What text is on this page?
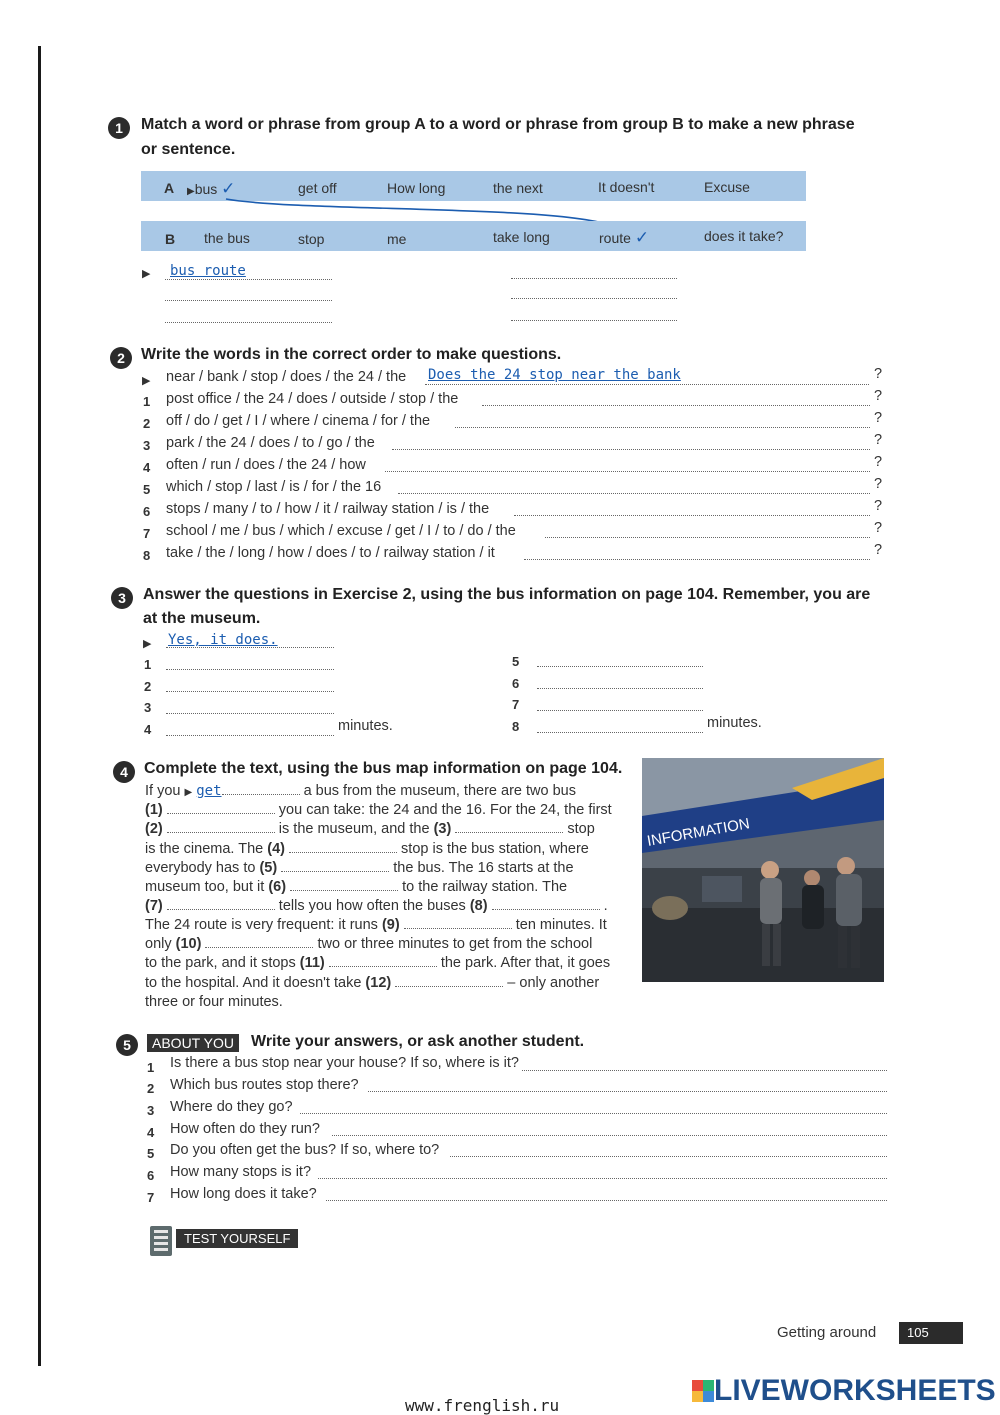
1	Match a word or phrase from group A to a word or phrase from group B to make a new phrase
or sentence.
A ▶bus ✓	get off	How long	the next	It doesn't	Excuse
B the bus	stop	me	take long	route ✓	does it take?
▶ bus route
2	Write the words in the correct order to make questions.
▶ near / bank / stop / does / the 24 / the Does the 24 stop near the bank	?
1 post office / the 24 / does / outside / stop / the	?
2 off / do / get / I / where / cinema / for / the	?
3 park / the 24 / does / to / go / the	?
4 often / run / does / the 24 / how	?
5 which / stop / last / is / for / the 16	?
6 stops / many / to / how / it / railway station / is / the	?
7 school / me / bus / which / excuse / get / I / to / do / the	?
8 take / the / long / how / does / to / railway station / it	?
3	Answer the questions in Exercise 2, using the bus information on page 104. Remember, you are
at the museum.
▶ Yes, it does.
1
2
3
4	minutes.
5
6
7
8	minutes.
4	Complete the text, using the bus map information on page 104.
If you ▶ get	a bus from the museum, there are two bus
(1)	you can take: the 24 and the 16. For the 24, the first
(2)	is the museum, and the (3)	stop
is the cinema. The (4)	stop is the bus station, where
everybody has to (5)	the bus. The 16 starts at the
museum too, but it (6)	to the railway station. The
(7)	tells you how often the buses (8)	.
The 24 route is very frequent: it runs (9)	ten minutes. It
only (10)	two or three minutes to get from the school
to the park, and it stops (11)	the park. After that, it goes
to the hospital. And it doesn't take (12)	– only another
three or four minutes.
INFORMATION
5	ABOUT YOU	Write your answers, or ask another student.
1 Is there a bus stop near your house? If so, where is it?
2 Which bus routes stop there?
3 Where do they go?
4 How often do they run?
5 Do you often get the bus? If so, where to?
6 How many stops is it?
7 How long does it take?
TEST YOURSELF
Getting around	105
www.frenglish.ru	LIVEWORKSHEETS
